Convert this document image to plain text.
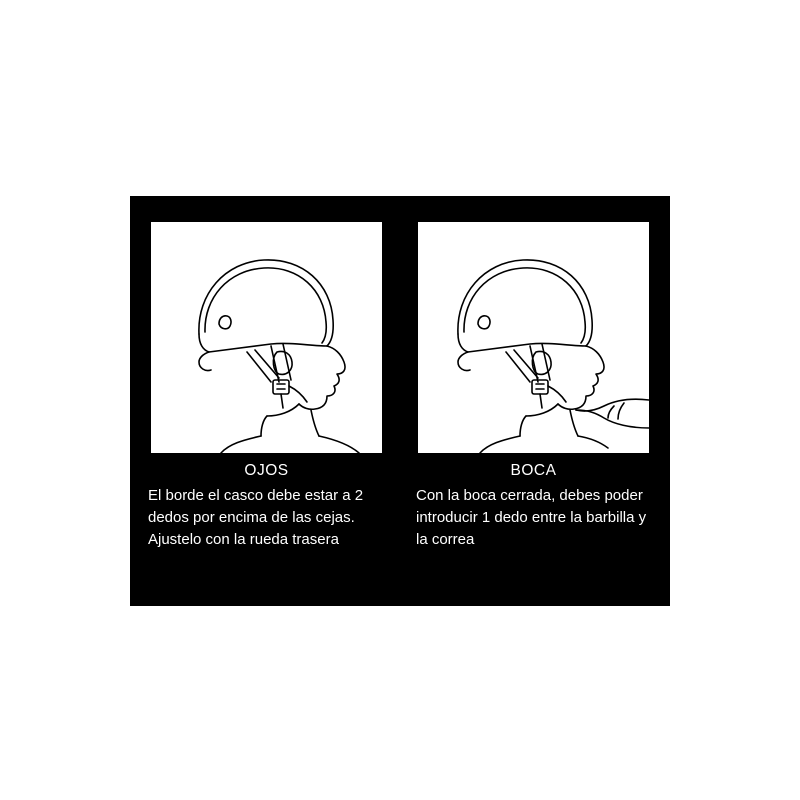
OJOS
El borde el casco debe estar a 2 dedos por encima de las cejas. Ajustelo con la rueda trasera
BOCA
Con la boca cerrada, debes poder introducir 1 dedo entre la barbilla y la correa
